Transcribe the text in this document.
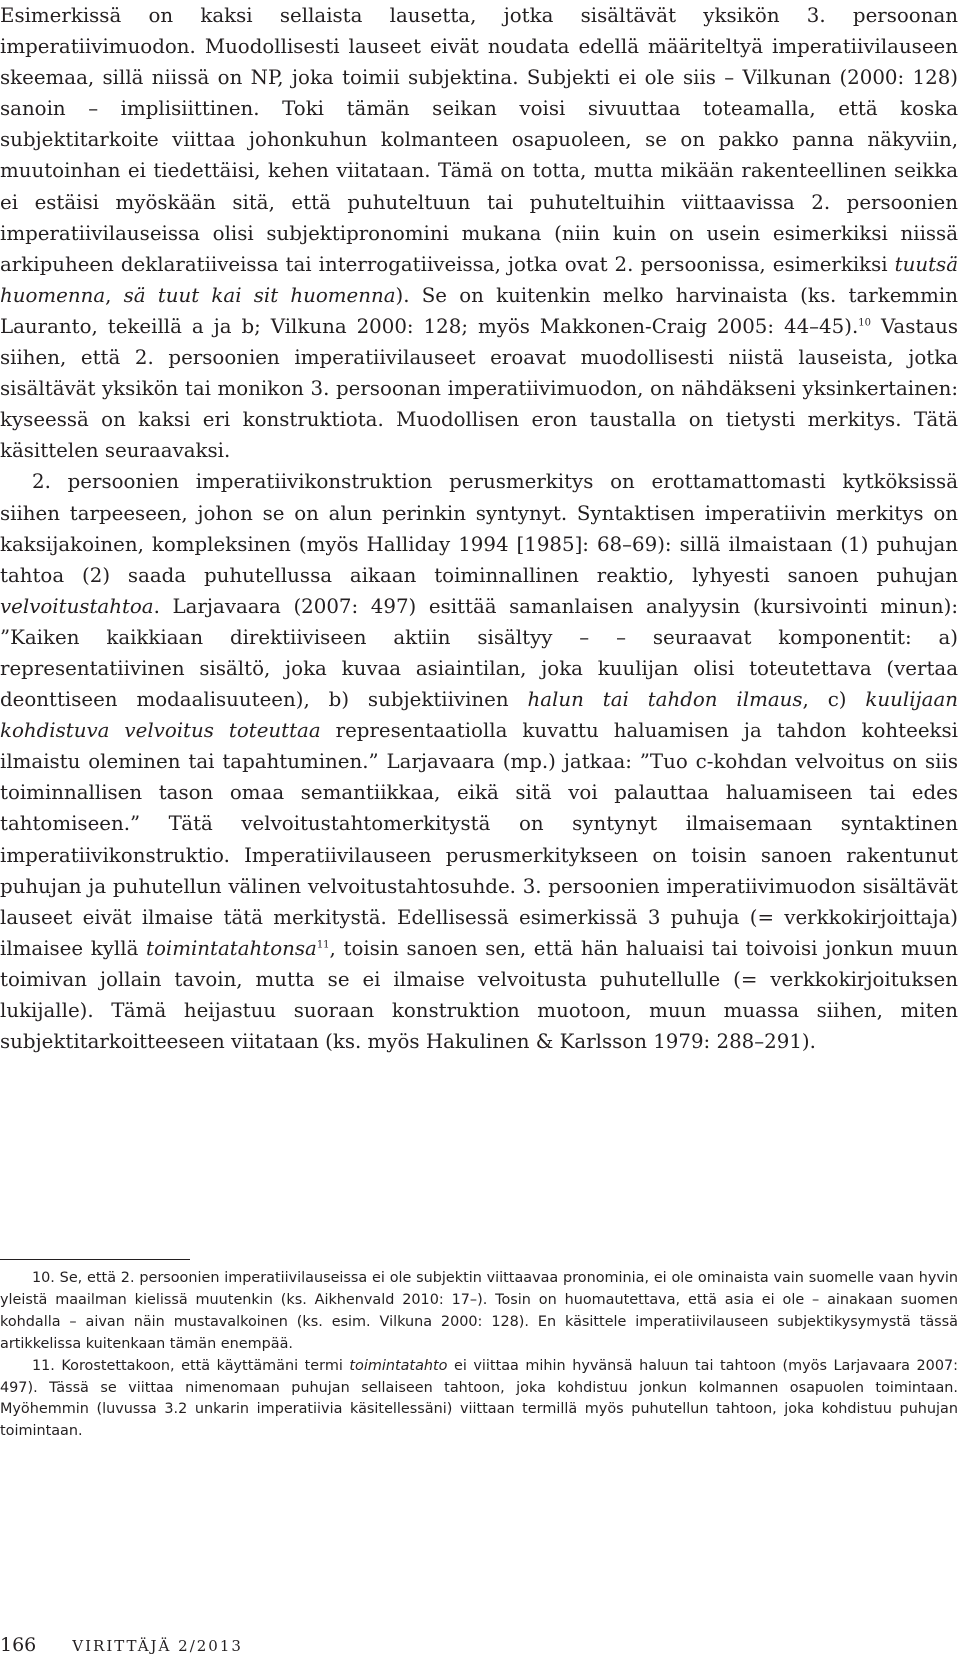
Esimerkissä on kaksi sellaista lausetta, jotka sisältävät yksikön 3. persoonan imperatiivimuodon. Muodollisesti lauseet eivät noudata edellä määriteltyä imperatiivilauseen skeemaa, sillä niissä on NP, joka toimii subjektina. Subjekti ei ole siis – Vilkunan (2000: 128) sanoin – implisiittinen. Toki tämän seikan voisi sivuuttaa toteamalla, että koska subjektitarkoite viittaa johonkuhun kolmanteen osapuoleen, se on pakko panna näkyviin, muutoinhan ei tiedettäisi, kehen viitataan. Tämä on totta, mutta mikään rakenteellinen seikka ei estäisi myöskään sitä, että puhuteltuun tai puhuteltuihin viittaavissa 2. persoonien imperatiivilauseissa olisi subjektipronomini mukana (niin kuin on usein esimerkiksi niissä arkipuheen deklaratiiveissa tai interrogatiiveissa, jotka ovat 2. persoonissa, esimerkiksi tuutsä huomenna, sä tuut kai sit huomenna). Se on kuitenkin melko harvinaista (ks. tarkemmin Lauranto, tekeillä a ja b; Vilkuna 2000: 128; myös Makkonen-Craig 2005: 44–45).$^{10}$ Vastaus siihen, että 2. persoonien imperatiivilauseet eroavat muodollisesti niistä lauseista, jotka sisältävät yksikön tai monikon 3. persoonan imperatiivimuodon, on nähdäkseni yksinkertainen: kyseessä on kaksi eri konstruktiota. Muodollisen eron taustalla on tietysti merkitys. Tätä käsittelen seuraavaksi.

2. persoonien imperatiivikonstruktion perusmerkitys on erottamattomasti kytköksissä siihen tarpeeseen, johon se on alun perinkin syntynyt. Syntaktisen imperatiivin merkitys on kaksijakoinen, kompleksinen (myös Halliday 1994 [1985]: 68–69): sillä ilmaistaan (1) puhujan tahtoa (2) saada puhutellussa aikaan toiminnallinen reaktio, lyhyesti sanoen puhujan velvoitustahtoa. Larjavaara (2007: 497) esittää samanlaisen analyysin (kursivointi minun): ”Kaiken kaikkiaan direktiiviseen aktiin sisältyy – – seuraavat komponentit: a) representatiivinen sisältö, joka kuvaa asiaintilan, joka kuulijan olisi toteutettava (vertaa deonttiseen modaalisuuteen), b) subjektiivinen halun tai tahdon ilmaus, c) kuulijaan kohdistuva velvoitus toteuttaa representaatiolla kuvattu haluamisen ja tahdon kohteeksi ilmaistu oleminen tai tapahtuminen.” Larjavaara (mp.) jatkaa: ”Tuo c-kohdan velvoitus on siis toiminnallisen tason omaa semantiikkaa, eikä sitä voi palauttaa haluamiseen tai edes tahtomiseen.” Tätä velvoitustahtomerkitystä on syntynyt ilmaisemaan syntaktinen imperatiivikonstruktio. Imperatiivilauseen perusmerkitykseen on toisin sanoen rakentunut puhujan ja puhutellun välinen velvoitustahtosuhde. 3. persoonien imperatiivimuodon sisältävät lauseet eivät ilmaise tätä merkitystä. Edellisessä esimerkissä 3 puhuja (= verkkokirjoittaja) ilmaisee kyllä toimintatahtonsa$^{11}$, toisin sanoen sen, että hän haluaisi tai toivoisi jonkun muun toimivan jollain tavoin, mutta se ei ilmaise velvoitusta puhutellulle (= verkkokirjoituksen lukijalle). Tämä heijastuu suoraan konstruktion muotoon, muun muassa siihen, miten subjektitarkoitteeseen viitataan (ks. myös Hakulinen & Karlsson 1979: 288–291).

10. Se, että 2. persoonien imperatiivilauseissa ei ole subjektin viittaavaa pronominia, ei ole ominaista vain suomelle vaan hyvin yleistä maailman kielissä muutenkin (ks. Aikhenvald 2010: 17–). Tosin on huomautettava, että asia ei ole – ainakaan suomen kohdalla – aivan näin mustavalkoinen (ks. esim. Vilkuna 2000: 128). En käsittele imperatiivilauseen subjektikysymystä tässä artikkelissa kuitenkaan tämän enempää.

11. Korostettakoon, että käyttämäni termi toimintatahto ei viittaa mihin hyvänsä haluun tai tahtoon (myös Larjavaara 2007: 497). Tässä se viittaa nimenomaan puhujan sellaiseen tahtoon, joka kohdistuu jonkun kolmannen osapuolen toimintaan. Myöhemmin (luvussa 3.2 unkarin imperatiivia käsitellessäni) viittaan termillä myös puhutellun tahtoon, joka kohdistuu puhujan toimintaan.

166 VIRITTÄJÄ 2/2013
